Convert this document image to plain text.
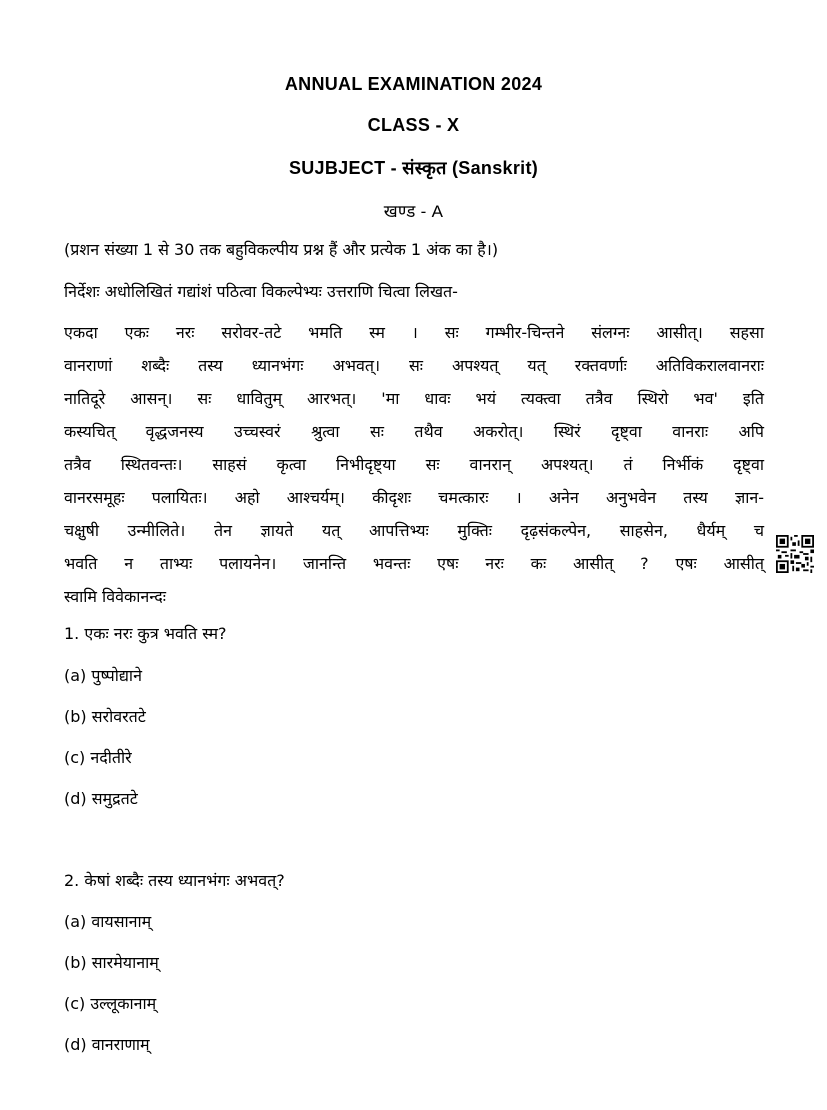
ANNUAL EXAMINATION 2024
CLASS - X
SUJBJECT - संस्कृत (Sanskrit)
खण्ड - A
(प्रशन संख्या 1 से 30 तक बहुविकल्पीय प्रश्न हैं और प्रत्येक 1 अंक का है।)
निर्देशः अधोलिखितं गद्यांशं पठित्वा विकल्पेभ्यः उत्तराणि चित्वा लिखत-
एकदा एकः नरः सरोवर-तटे भमति स्म । सः गम्भीर-चिन्तने संलग्नः आसीत्। सहसा
वानराणां शब्दैः तस्य ध्यानभंगः अभवत्। सः अपश्यत् यत् रक्तवर्णाः अतिविकरालवानराः
नातिदूरे आसन्। सः धावितुम् आरभत्। 'मा धावः भयं त्यक्त्वा तत्रैव स्थिरो भव' इति
कस्यचित् वृद्धजनस्य उच्चस्वरं श्रुत्वा सः तथैव अकरोत्। स्थिरं दृष्ट्वा वानराः अपि
तत्रैव स्थितवन्तः। साहसं कृत्वा निभीदृष्ट्या सः वानरान् अपश्यत्। तं निर्भीकं दृष्ट्वा
वानरसमूहः पलायितः। अहो आश्चर्यम्। कीदृशः चमत्कारः । अनेन अनुभवेन तस्य ज्ञान-
चक्षुषी उन्मीलिते। तेन ज्ञायते यत् आपत्तिभ्यः मुक्तिः दृढ़संकल्पेन, साहसेन, धैर्यम् च
भवति न ताभ्यः पलायनेन। जानन्ति भवन्तः एषः नरः कः आसीत् ? एषः आसीत्
स्वामि विवेकानन्दः
1. एकः नरः कुत्र भवति स्म?
(a) पुष्पोद्याने
(b) सरोवरतटे
(c) नदीतीरे
(d) समुद्रतटे
2. केषां शब्दैः तस्य ध्यानभंगः अभवत्?
(a) वायसानाम्
(b) सारमेयानाम्
(c) उल्लूकानाम्
(d) वानराणाम्
